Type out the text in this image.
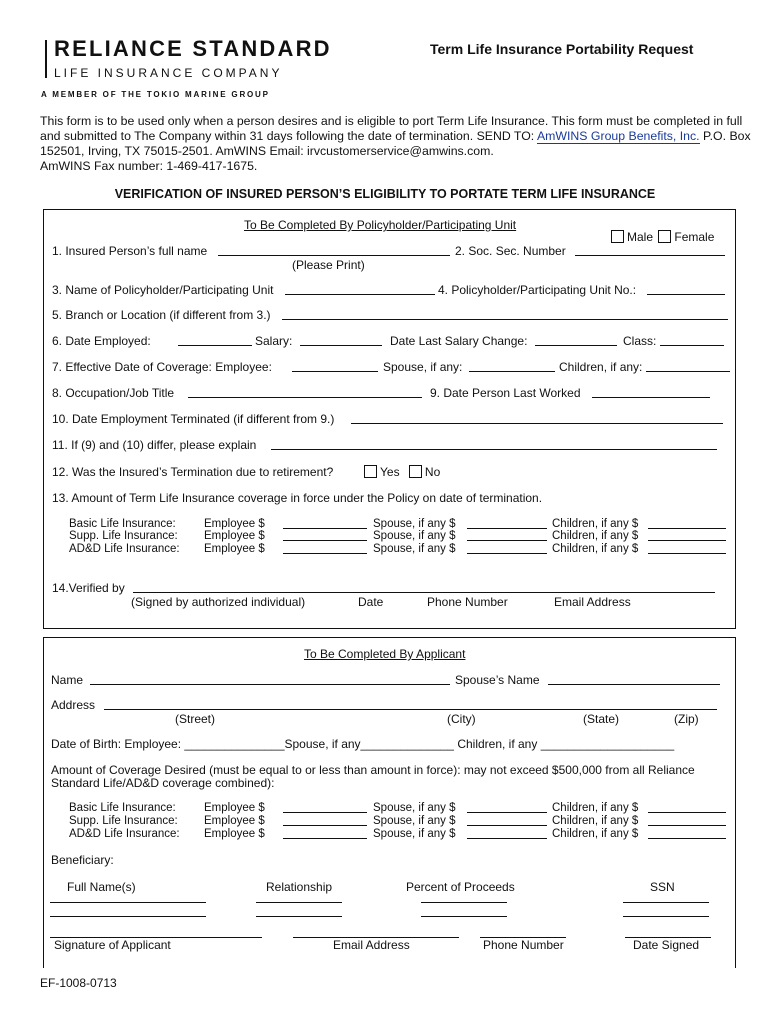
RELIANCE STANDARD
LIFE INSURANCE COMPANY
A MEMBER OF THE TOKIO MARINE GROUP
Term Life Insurance Portability Request
This form is to be used only when a person desires and is eligible to port Term Life Insurance. This form must be completed in full and submitted to The Company within 31 days following the date of termination. SEND TO: AmWINS Group Benefits, Inc. P.O. Box 152501, Irving, TX 75015-2501. AmWINS Email: irvcustomerservice@amwins.com.
AmWINS Fax number: 1-469-417-1675.
VERIFICATION OF INSURED PERSON’S ELIGIBILITY TO PORTATE TERM LIFE INSURANCE
To Be Completed By Policyholder/Participating Unit
Male Female
1. Insured Person’s full name	2. Soc. Sec. Number
(Please Print)
3. Name of Policyholder/Participating Unit	4. Policyholder/Participating Unit No.:
5. Branch or Location (if different from 3.)
6. Date Employed:	Salary:	Date Last Salary Change:	Class:
7. Effective Date of Coverage: Employee:	Spouse, if any:	Children, if any:
8. Occupation/Job Title	9. Date Person Last Worked
10. Date Employment Terminated (if different from 9.)
11. If (9) and (10) differ, please explain
12. Was the Insured’s Termination due to retirement?	Yes No
13. Amount of Term Life Insurance coverage in force under the Policy on date of termination.
Basic Life Insurance: Employee $	Spouse, if any $	Children, if any $
Supp. Life Insurance: Employee $	Spouse, if any $	Children, if any $
AD&D Life Insurance: Employee $	Spouse, if any $	Children, if any $
14.Verified by
(Signed by authorized individual)	Date	Phone Number	Email Address
To Be Completed By Applicant
Name	Spouse’s Name
Address
(Street)	(City)	(State)	(Zip)
Date of Birth: Employee: _______________Spouse, if any______________ Children, if any ____________________
Amount of Coverage Desired (must be equal to or less than amount in force): may not exceed $500,000 from all Reliance Standard Life/AD&D coverage combined):
Basic Life Insurance: Employee $	Spouse, if any $	Children, if any $
Supp. Life Insurance: Employee $	Spouse, if any $	Children, if any $
AD&D Life Insurance: Employee $	Spouse, if any $	Children, if any $
Beneficiary:
Full Name(s)	Relationship	Percent of Proceeds	SSN
Signature of Applicant	Email Address	Phone Number	Date Signed
EF-1008-0713
